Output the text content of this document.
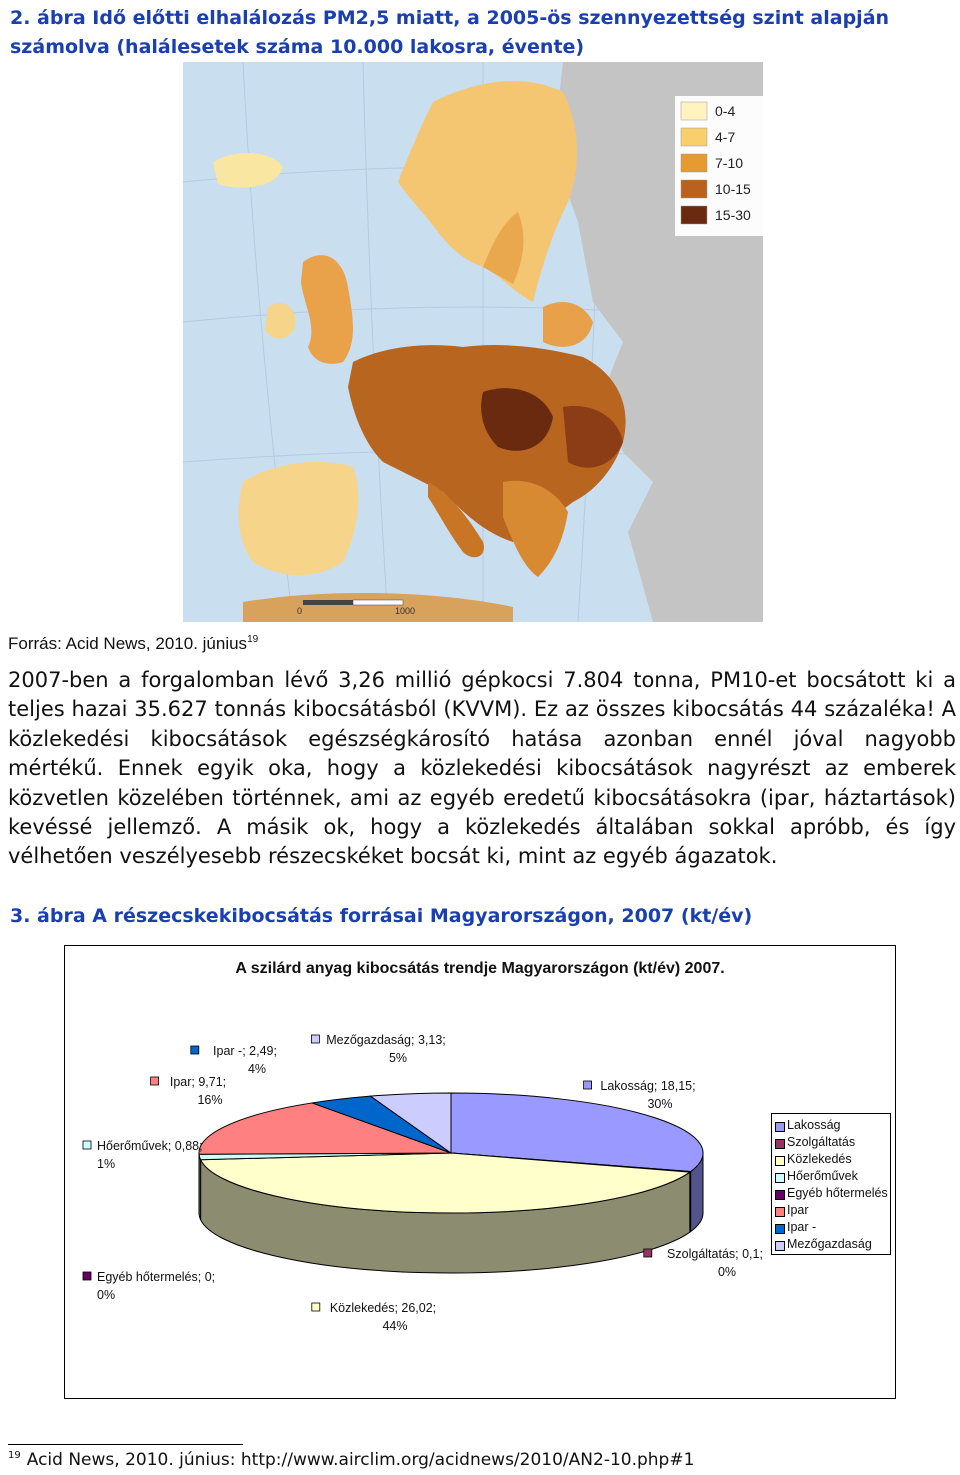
2. ábra Idő előtti elhalálozás PM2,5 miatt, a 2005-ös szennyezettség szint alapján számolva (halálesetek száma 10.000 lakosra, évente)
0	1000
0-4
4-7
7-10
10-15
15-30
Forrás: Acid News, 2010. június$^{19}$
2007-ben a forgalomban lévő 3,26 millió gépkocsi 7.804 tonna, PM10-et bocsátott ki a teljes hazai 35.627 tonnás kibocsátásból (KVVM). Ez az összes kibocsátás 44 százaléka! A közlekedési kibocsátások egészségkárosító hatása azonban ennél jóval nagyobb mértékű. Ennek egyik oka, hogy a közlekedési kibocsátások nagyrészt az emberek közvetlen közelében történnek, ami az egyéb eredetű kibocsátásokra (ipar, háztartások) kevéssé jellemző. A másik ok, hogy a közlekedés általában sokkal apróbb, és így vélhetően veszélyesebb részecskéket bocsát ki, mint az egyéb ágazatok.
3. ábra A részecskekibocsátás forrásai Magyarországon, 2007 (kt/év)
A szilárd anyag kibocsátás trendje Magyarországon (kt/év) 2007.
Lakosság; 18,15; 30%
Szolgáltatás; 0,1; 0%
Közlekedés; 26,02; 44%
Hőerőművek; 0,88; 1%
Egyéb hőtermelés; 0; 0%
Ipar; 9,71; 16%
Ipar -; 2,49; 4%
Mezőgazdaság; 3,13; 5%
Lakosság
Szolgáltatás
Közlekedés
Hőerőművek
Egyéb hőtermelés
Ipar
Ipar -
Mezőgazdaság
$^{19}$ Acid News, 2010. június: http://www.airclim.org/acidnews/2010/AN2-10.php#1
